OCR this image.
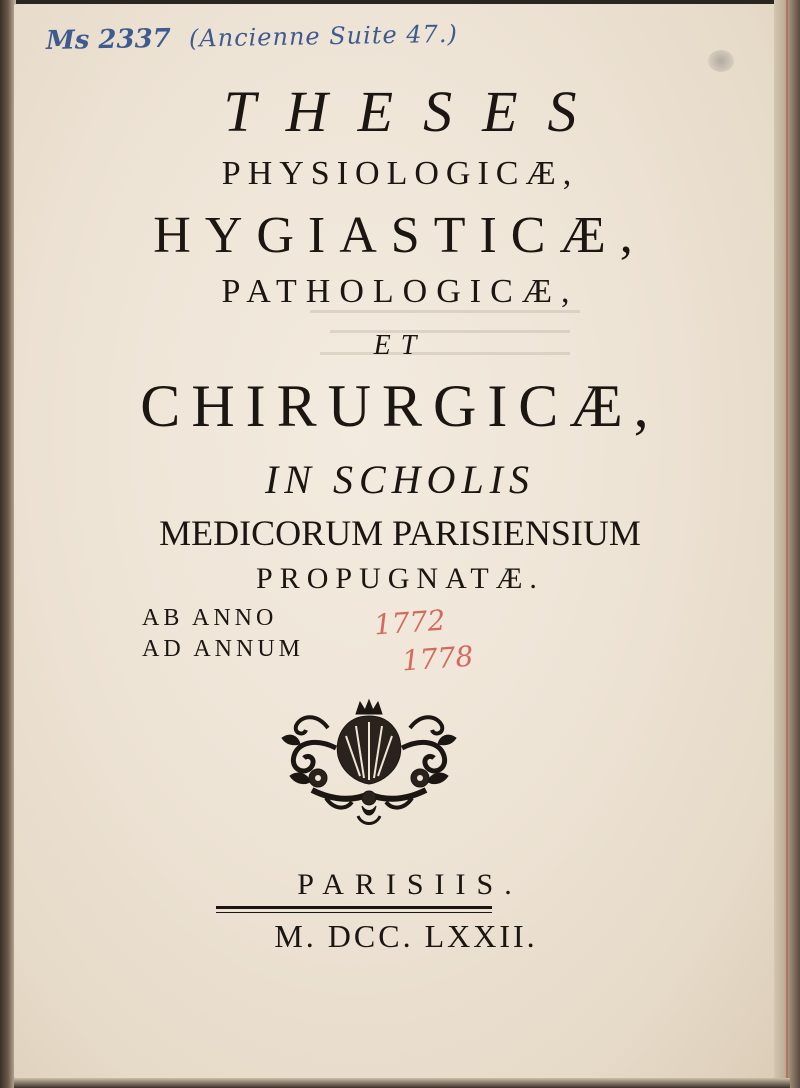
Ms 2337 (Ancienne Suite 47.)
THESES
PHYSIOLOGICÆ,
HYGIASTICÆ,
PATHOLOGICÆ,
ET
CHIRURGICÆ,
IN SCHOLIS
MEDICORUM PARISIENSIUM
PROPUGNATÆ.
AB ANNO
AD ANNUM
1772
1778
PARISIIS.
M. DCC. LXXII.
